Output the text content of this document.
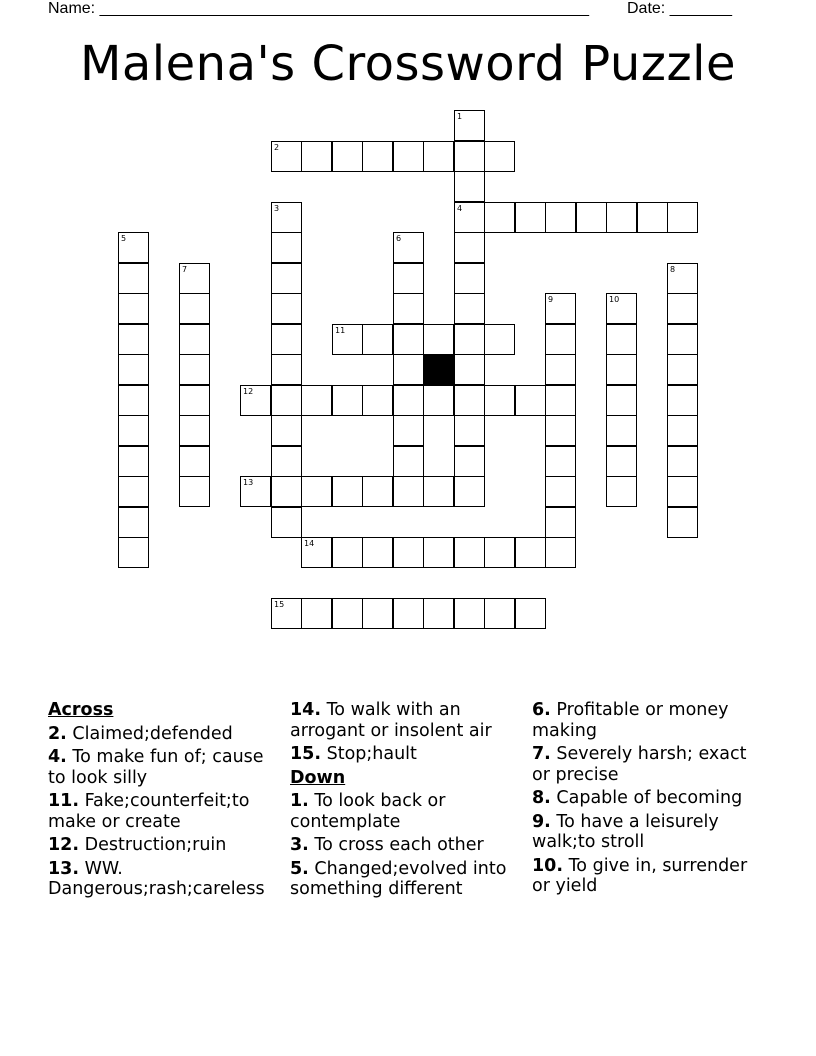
Name: _______________________________________________________ Date: _______
Malena's Crossword Puzzle
1
4
2
3
5	6
7	8
9	10
11
12
13
14
15
Across
2. Claimed;defended
4. To make fun of; cause to look silly
11. Fake;counterfeit;to make or create
12. Destruction;ruin
13. WW. Dangerous;rash;careless
14. To walk with an arrogant or insolent air
15. Stop;hault
Down
1. To look back or contemplate
3. To cross each other
5. Changed;evolved into something different
6. Profitable or money making
7. Severely harsh; exact or precise
8. Capable of becoming
9. To have a leisurely walk;to stroll
10. To give in, surrender or yield
